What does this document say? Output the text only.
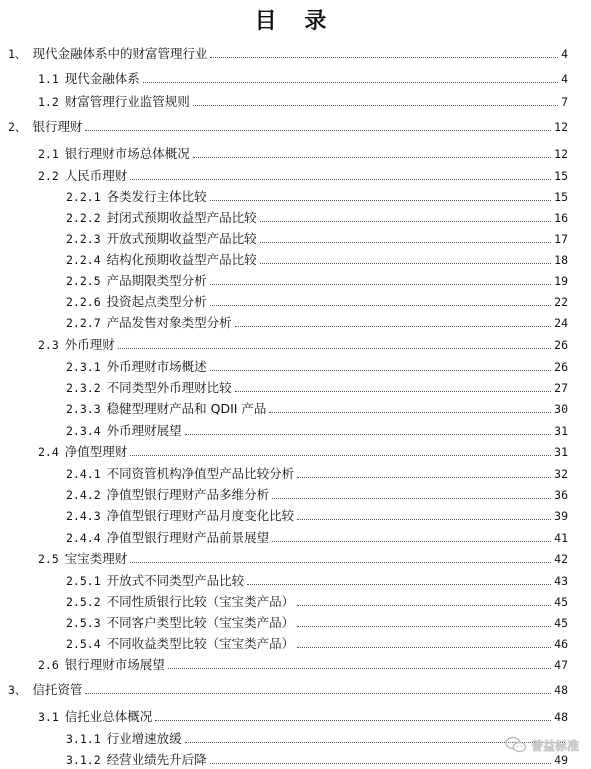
目 录
1、 现代金融体系中的财富管理行业	4
1.1 现代金融体系	4
1.2 财富管理行业监管规则	7
2、 银行理财	12
2.1 银行理财市场总体概况	12
2.2 人民币理财	15
2.2.1 各类发行主体比较	15
2.2.2 封闭式预期收益型产品比较	16
2.2.3 开放式预期收益型产品比较	17
2.2.4 结构化预期收益型产品比较	18
2.2.5 产品期限类型分析	19
2.2.6 投资起点类型分析	22
2.2.7 产品发售对象类型分析	24
2.3 外币理财	26
2.3.1 外币理财市场概述	26
2.3.2 不同类型外币理财比较	27
2.3.3 稳健型理财产品和 QDII 产品	30
2.3.4 外币理财展望	31
2.4 净值型理财	31
2.4.1 不同资管机构净值型产品比较分析	32
2.4.2 净值型银行理财产品多维分析	36
2.4.3 净值型银行理财产品月度变化比较	39
2.4.4 净值型银行理财产品前景展望	41
2.5 宝宝类理财	42
2.5.1 开放式不同类型产品比较	43
2.5.2 不同性质银行比较（宝宝类产品）	45
2.5.3 不同客户类型比较（宝宝类产品）	45
2.5.4 不同收益类型比较（宝宝类产品）	46
2.6 银行理财市场展望	47
3、 信托资管	48
3.1 信托业总体概况	48
3.1.1 行业增速放缓
3.1.2 经营业绩先升后降	49
普益标准
